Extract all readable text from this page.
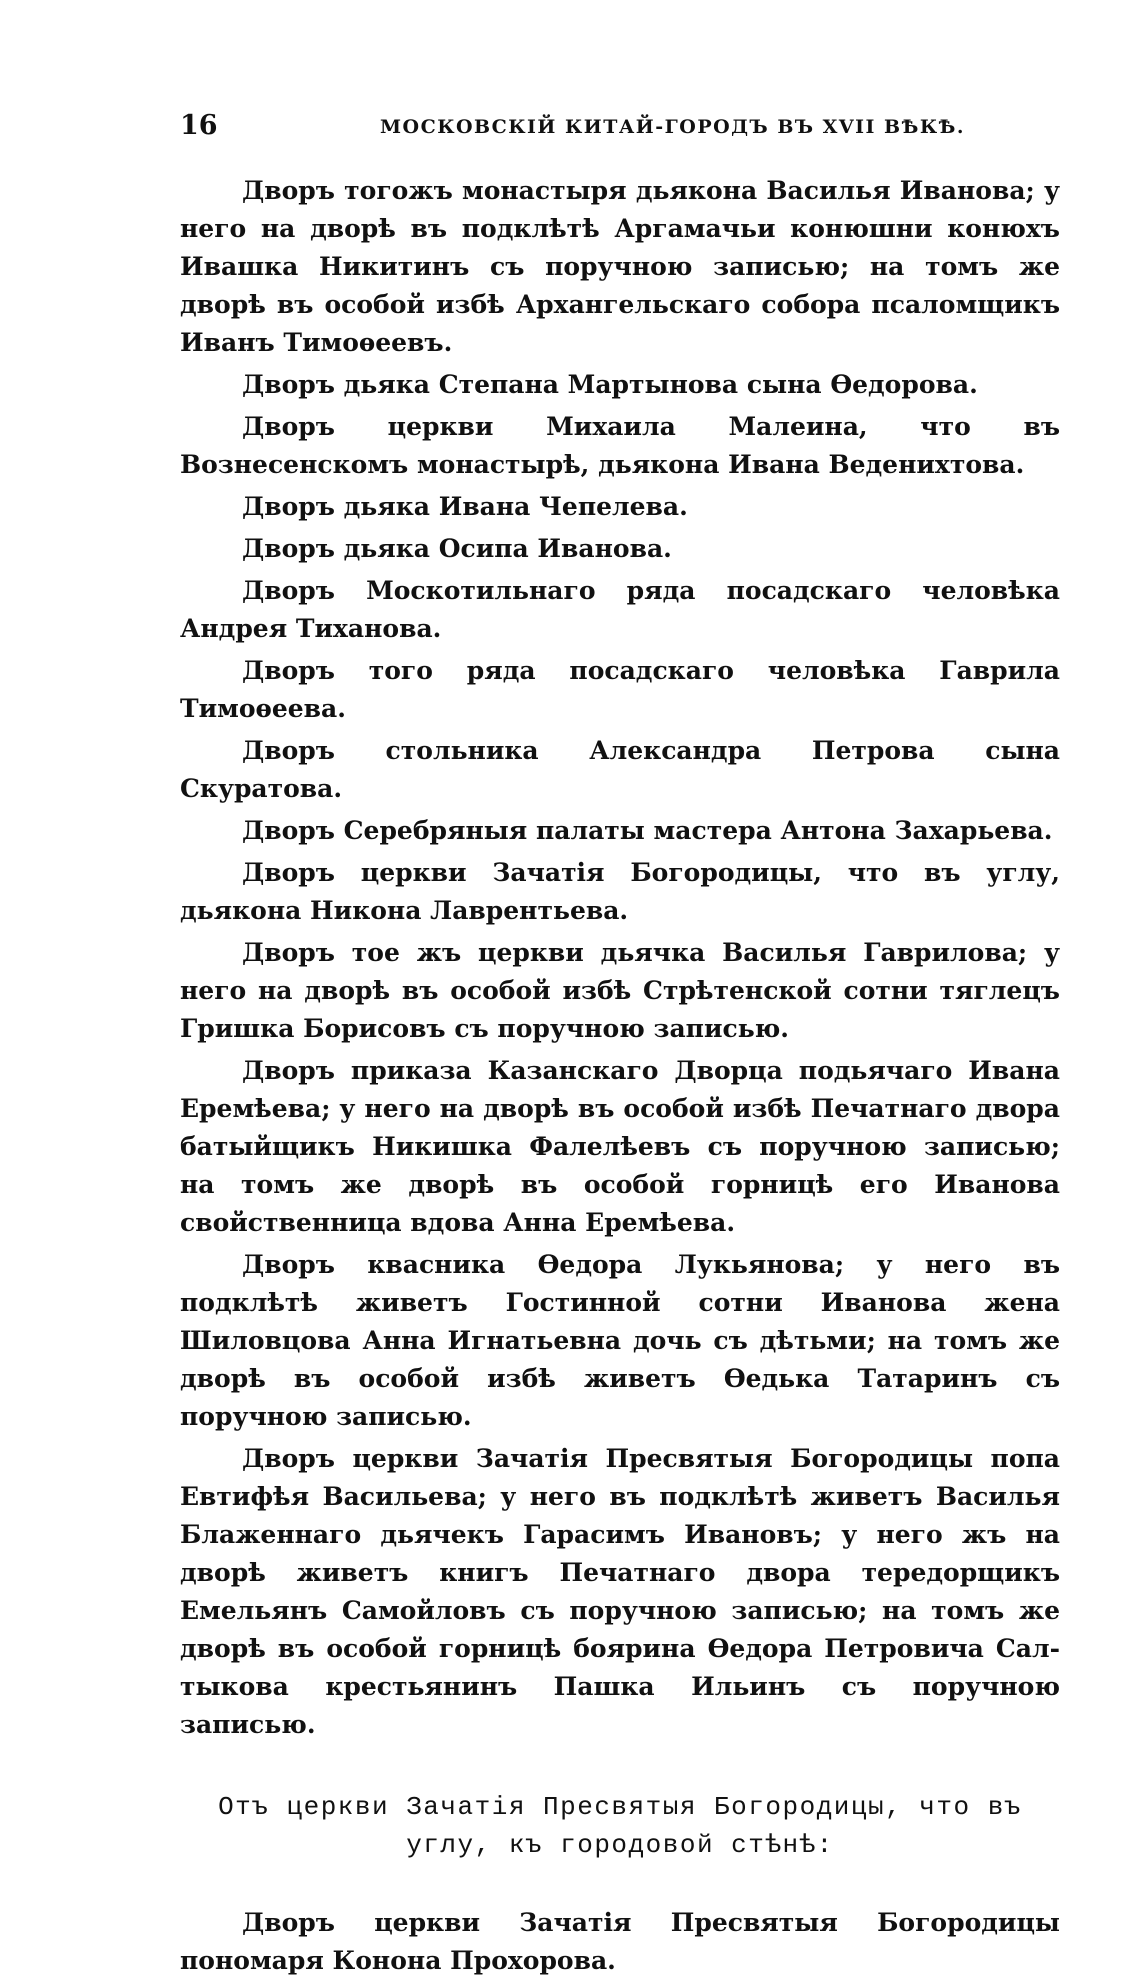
16	МОСКОВСКІЙ КИТАЙ-ГОРОДЪ ВЪ XVII ВѢКѢ.

Дворъ тогожъ монастыря дьякона Василья Иванова; у него на дворѣ въ подклѣтѣ Аргамачьи конюшни конюхъ Ивашка Никитинъ съ поручною записью; на томъ же дворѣ въ особой избѣ Архангельскаго собора псаломщикъ Иванъ Тимоѳеевъ.

Дворъ дьяка Степана Мартынова сына Ѳедорова.

Дворъ церкви Михаила Малеина, что въ Вознесенскомъ монастырѣ, дьякона Ивана Веденихтова.

Дворъ дьяка Ивана Чепелева.

Дворъ дьяка Осипа Иванова.

Дворъ Москотильнаго ряда посадскаго человѣка Андрея Тиханова.

Дворъ того ряда посадскаго человѣка Гаврила Тимоѳеева.

Дворъ стольника Александра Петрова сына Скуратова.

Дворъ Серебряныя палаты мастера Антона Захарьева.

Дворъ церкви Зачатія Богородицы, что въ углу, дьякона Никона Лаврентьева.

Дворъ тое жъ церкви дьячка Василья Гаврилова; у него на дворѣ въ особой избѣ Стрѣтенской сотни тяглецъ Гришка Борисовъ съ поручною записью.

Дворъ приказа Казанскаго Дворца подьячаго Ивана Еремѣева; у него на дворѣ въ особой избѣ Печатнаго двора батыйщикъ Никишка Фалелѣевъ съ поручною записью; на томъ же дворѣ въ особой горницѣ его Иванова свойственница вдова Анна Еремѣева.

Дворъ квасника Ѳедора Лукьянова; у него въ подклѣтѣ живетъ Гостинной сотни Иванова жена Шиловцова Анна Игнатьевна дочь съ дѣтьми; на томъ же дворѣ въ особой избѣ живетъ Ѳедька Татаринъ съ поручною записью.

Дворъ церкви Зачатія Пресвятыя Богородицы попа Евтифѣя Васильева; у него въ подклѣтѣ живетъ Василья Блаженнаго дьячекъ Гарасимъ Ивановъ; у него жъ на дворѣ живетъ книгъ Печатнаго двора тередорщикъ Емельянъ Самойловъ съ поручною записью; на томъ же дворѣ въ особой горницѣ боярина Ѳедора Петровича Салтыкова крестьянинъ Пашка Ильинъ съ поручною записью.

Отъ церкви Зачатія Пресвятыя Богородицы, что въ углу, къ городовой стѣнѣ:

Дворъ церкви Зачатія Пресвятыя Богородицы пономаря Конона Прохорова.
